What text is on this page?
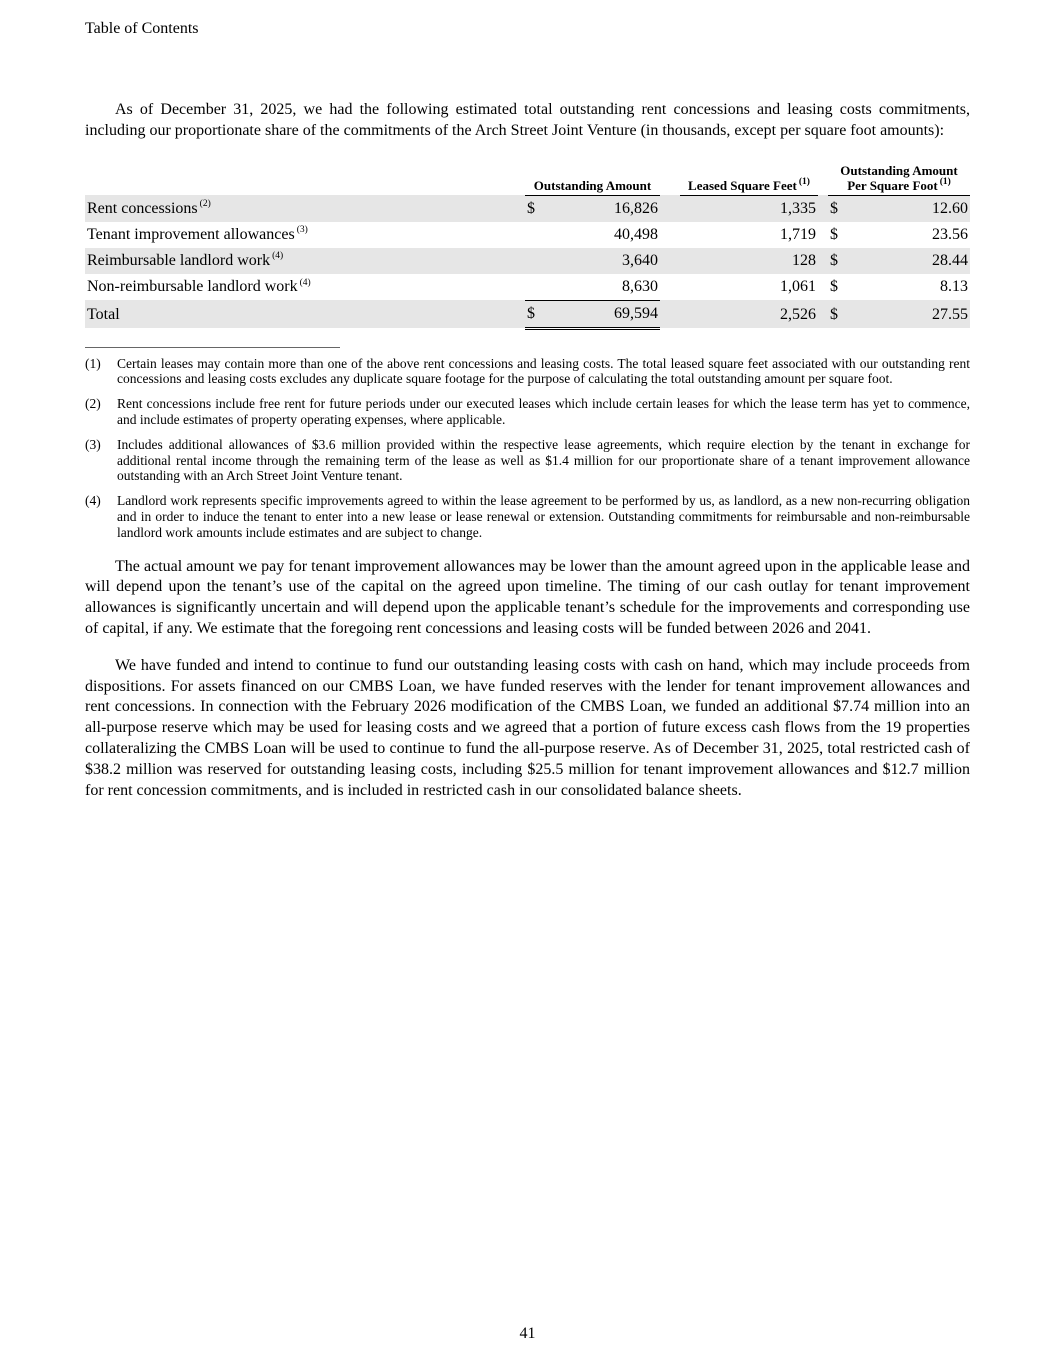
Table of Contents

As of December 31, 2025, we had the following estimated total outstanding rent concessions and leasing costs commitments, including our proportionate share of the commitments of the Arch Street Joint Venture (in thousands, except per square foot amounts):

	Outstanding Amount			Leased Square Feet $^{(1)}$		Outstanding Amount Per Square Foot $^{(1)}$
Rent concessions $^{(2)}$	$	16,826		1,335		$	12.60
Tenant improvement allowances $^{(3)}$		40,498		1,719		$	23.56
Reimbursable landlord work $^{(4)}$		3,640		128		$	28.44
Non-reimbursable landlord work $^{(4)}$		8,630		1,061		$	8.13
Total	$	69,594		2,526		$	27.55
(1)	Certain leases may contain more than one of the above rent concessions and leasing costs. The total leased square feet associated with our outstanding rent concessions and leasing costs excludes any duplicate square footage for the purpose of calculating the total outstanding amount per square foot.
(2)	Rent concessions include free rent for future periods under our executed leases which include certain leases for which the lease term has yet to commence, and include estimates of property operating expenses, where applicable.
(3)	Includes additional allowances of $3.6 million provided within the respective lease agreements, which require election by the tenant in exchange for additional rental income through the remaining term of the lease as well as $1.4 million for our proportionate share of a tenant improvement allowance outstanding with an Arch Street Joint Venture tenant.
(4)	Landlord work represents specific improvements agreed to within the lease agreement to be performed by us, as landlord, as a new non-recurring obligation and in order to induce the tenant to enter into a new lease or lease renewal or extension. Outstanding commitments for reimbursable and non-reimbursable landlord work amounts include estimates and are subject to change.

The actual amount we pay for tenant improvement allowances may be lower than the amount agreed upon in the applicable lease and will depend upon the tenant’s use of the capital on the agreed upon timeline. The timing of our cash outlay for tenant improvement allowances is significantly uncertain and will depend upon the applicable tenant’s schedule for the improvements and corresponding use of capital, if any. We estimate that the foregoing rent concessions and leasing costs will be funded between 2026 and 2041.

We have funded and intend to continue to fund our outstanding leasing costs with cash on hand, which may include proceeds from dispositions. For assets financed on our CMBS Loan, we have funded reserves with the lender for tenant improvement allowances and rent concessions. In connection with the February 2026 modification of the CMBS Loan, we funded an additional $7.74 million into an all-purpose reserve which may be used for leasing costs and we agreed that a portion of future excess cash flows from the 19 properties collateralizing the CMBS Loan will be used to continue to fund the all-purpose reserve. As of December 31, 2025, total restricted cash of $38.2 million was reserved for outstanding leasing costs, including $25.5 million for tenant improvement allowances and $12.7 million for rent concession commitments, and is included in restricted cash in our consolidated balance sheets.

41
